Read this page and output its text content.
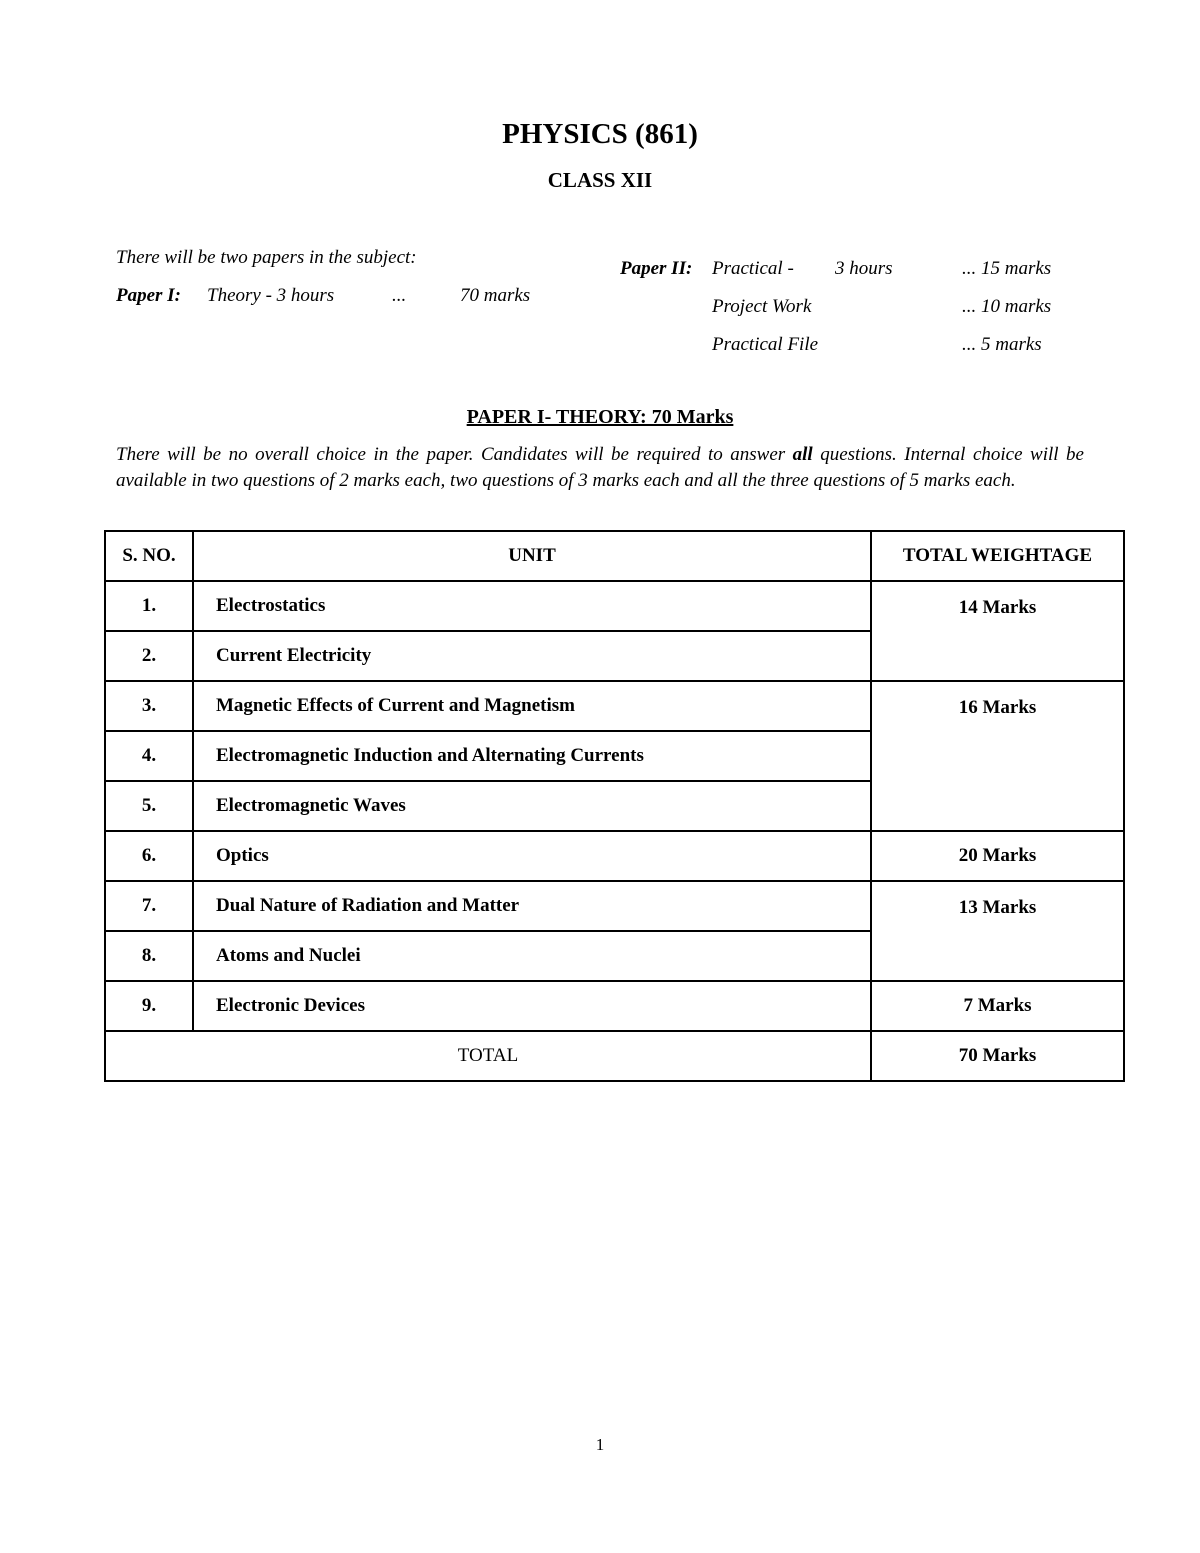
PHYSICS (861)
CLASS XII
There will be two papers in the subject:
Paper I: Theory - 3 hours	...	70 marks
Paper II: Practical - 3 hours	... 15 marks
Project Work	... 10 marks
Practical File	... 5 marks
PAPER I- THEORY: 70 Marks
There will be no overall choice in the paper. Candidates will be required to answer all questions. Internal choice will be available in two questions of 2 marks each, two questions of 3 marks each and all the three questions of 5 marks each.
S. NO.	UNIT	TOTAL WEIGHTAGE
1.	Electrostatics	14 Marks
2.	Current Electricity	
3.	Magnetic Effects of Current and Magnetism	16 Marks
4.	Electromagnetic Induction and Alternating Currents	
5.	Electromagnetic Waves	
6.	Optics	20 Marks
7.	Dual Nature of Radiation and Matter	13 Marks
8.	Atoms and Nuclei	
9.	Electronic Devices	7 Marks
TOTAL		70 Marks
1
